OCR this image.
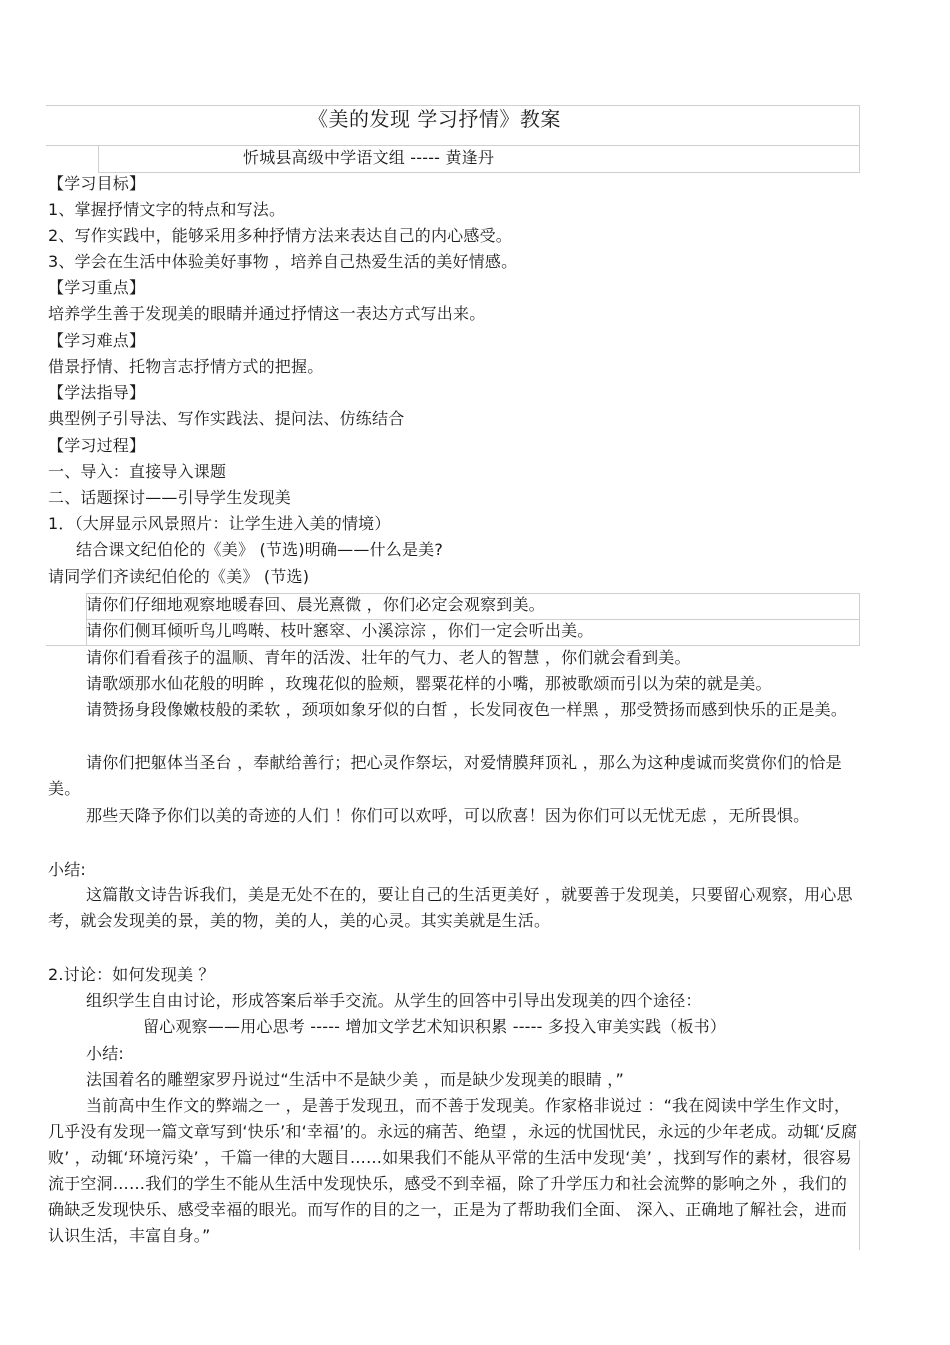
《美的发现 学习抒情》教案
忻城县高级中学语文组 ----- 黄逢丹
【学习目标】
1、掌握抒情文字的特点和写法。
2、写作实践中，能够采用多种抒情方法来表达自己的内心感受。
3、学会在生活中体验美好事物 ，培养自己热爱生活的美好情感。
【学习重点】
培养学生善于发现美的眼睛并通过抒情这一表达方式写出来。
【学习难点】
借景抒情、托物言志抒情方式的把握。
【学法指导】
典型例子引导法、写作实践法、提问法、仿练结合
【学习过程】
一、导入：直接导入课题
二、话题探讨——引导学生发现美
1．（大屏显示风景照片：让学生进入美的情境）
结合课文纪伯伦的《美》 (节选)明确——什么是美?
请同学们齐读纪伯伦的《美》 (节选)
请你们仔细地观察地暖春回、晨光熹微 ，你们必定会观察到美。
请你们侧耳倾听鸟儿鸣啭、枝叶窸窣、小溪淙淙 ，你们一定会听出美。
请你们看看孩子的温顺、青年的活泼、壮年的气力、老人的智慧 ，你们就会看到美。
请歌颂那水仙花般的明眸 ，玫瑰花似的脸颊，罂粟花样的小嘴，那被歌颂而引以为荣的就是美。
请赞扬身段像嫩枝般的柔软 ，颈项如象牙似的白皙 ，长发同夜色一样黑 ，那受赞扬而感到快乐的正是美。
请你们把躯体当圣台 ，奉献给善行；把心灵作祭坛，对爱情膜拜顶礼 ，那么为这种虔诚而奖赏你们的恰是美。
那些天降予你们以美的奇迹的人们 ！你们可以欢呼，可以欣喜！因为你们可以无忧无虑 ，无所畏惧。
小结:
这篇散文诗告诉我们，美是无处不在的，要让自己的生活更美好 ，就要善于发现美，只要留心观察，用心思考，就会发现美的景，美的物，美的人，美的心灵。其实美就是生活。
2.讨论：如何发现美 ？
组织学生自由讨论，形成答案后举手交流。从学生的回答中引导出发现美的四个途径：
留心观察——用心思考 ----- 增加文学艺术知识积累 ----- 多投入审美实践（板书）
小结:
法国着名的雕塑家罗丹说过“生活中不是缺少美 ，而是缺少发现美的眼睛 ，”
当前高中生作文的弊端之一 ，是善于发现丑，而不善于发现美。作家格非说过 ：“我在阅读中学生作文时，几乎没有发现一篇文章写到‘快乐’和‘幸福’的。永远的痛苦、绝望 ，永远的忧国忧民，永远的少年老成。动辄‘反腐败’ ，动辄‘环境污染’ ，千篇一律的大题目……如果我们不能从平常的生活中发现‘美’ ，找到写作的素材，很容易流于空洞……我们的学生不能从生活中发现快乐，感受不到幸福，除了升学压力和社会流弊的影响之外 ，我们的确缺乏发现快乐、感受幸福的眼光。而写作的目的之一，正是为了帮助我们全面、 深入、正确地了解社会，进而认识生活，丰富自身。”
